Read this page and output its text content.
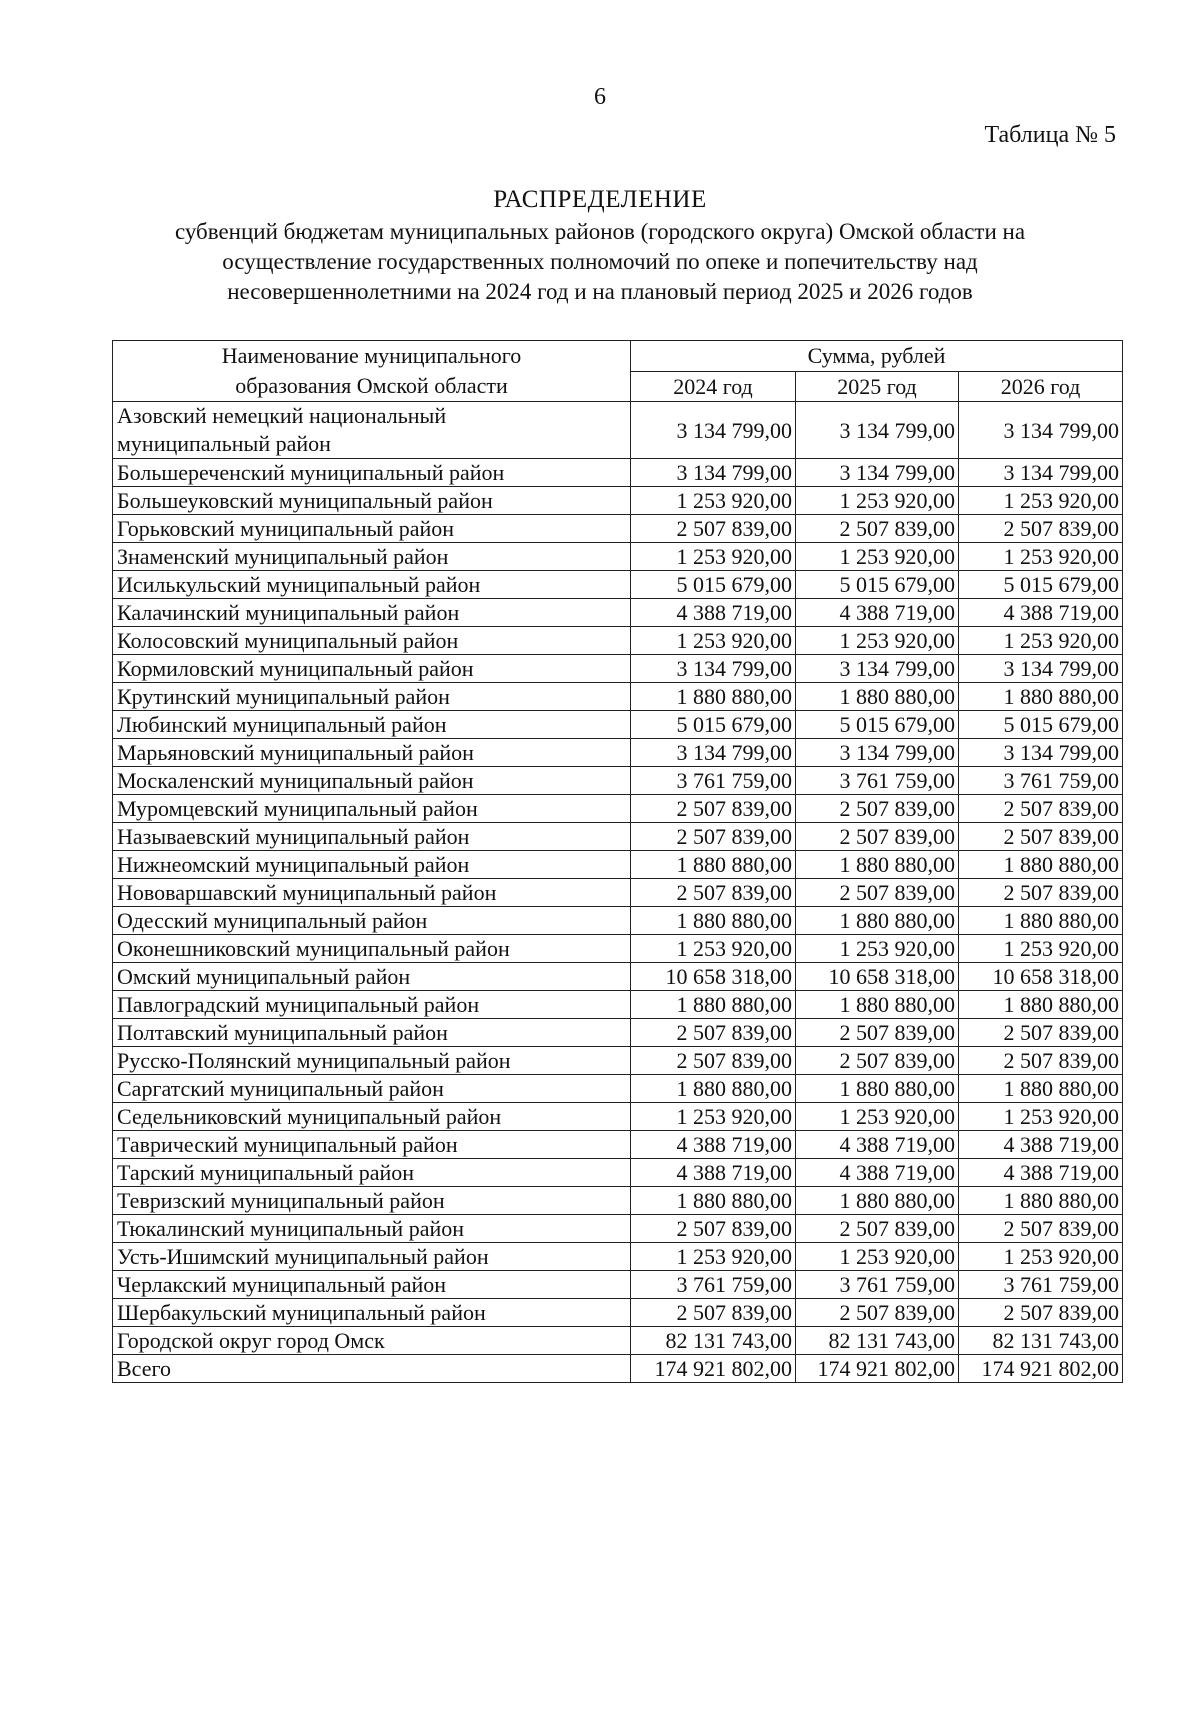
6
Таблица № 5
РАСПРЕДЕЛЕНИЕ
субвенций бюджетам муниципальных районов (городского округа) Омской области на
осуществление государственных полномочий по опеке и попечительству над
несовершеннолетними на 2024 год и на плановый период 2025 и 2026 годов
Наименование муниципального
образования Омской области	Сумма, рублей		
	2024 год	2025 год	2026 год

Азовский немецкий национальный
муниципальный район	3 134 799,00	3 134 799,00	3 134 799,00
Большереченский муниципальный район	3 134 799,00	3 134 799,00	3 134 799,00
Большеуковский муниципальный район	1 253 920,00	1 253 920,00	1 253 920,00
Горьковский муниципальный район	2 507 839,00	2 507 839,00	2 507 839,00
Знаменский муниципальный район	1 253 920,00	1 253 920,00	1 253 920,00
Исилькульский муниципальный район	5 015 679,00	5 015 679,00	5 015 679,00
Калачинский муниципальный район	4 388 719,00	4 388 719,00	4 388 719,00
Колосовский муниципальный район	1 253 920,00	1 253 920,00	1 253 920,00
Кормиловский муниципальный район	3 134 799,00	3 134 799,00	3 134 799,00
Крутинский муниципальный район	1 880 880,00	1 880 880,00	1 880 880,00
Любинский муниципальный район	5 015 679,00	5 015 679,00	5 015 679,00
Марьяновский муниципальный район	3 134 799,00	3 134 799,00	3 134 799,00
Москаленский муниципальный район	3 761 759,00	3 761 759,00	3 761 759,00
Муромцевский муниципальный район	2 507 839,00	2 507 839,00	2 507 839,00
Называевский муниципальный район	2 507 839,00	2 507 839,00	2 507 839,00
Нижнеомский муниципальный район	1 880 880,00	1 880 880,00	1 880 880,00
Нововаршавский муниципальный район	2 507 839,00	2 507 839,00	2 507 839,00
Одесский муниципальный район	1 880 880,00	1 880 880,00	1 880 880,00
Оконешниковский муниципальный район	1 253 920,00	1 253 920,00	1 253 920,00
Омский муниципальный район	10 658 318,00	10 658 318,00	10 658 318,00
Павлоградский муниципальный район	1 880 880,00	1 880 880,00	1 880 880,00
Полтавский муниципальный район	2 507 839,00	2 507 839,00	2 507 839,00
Русско-Полянский муниципальный район	2 507 839,00	2 507 839,00	2 507 839,00
Саргатский муниципальный район	1 880 880,00	1 880 880,00	1 880 880,00
Седельниковский муниципальный район	1 253 920,00	1 253 920,00	1 253 920,00
Таврический муниципальный район	4 388 719,00	4 388 719,00	4 388 719,00
Тарский муниципальный район	4 388 719,00	4 388 719,00	4 388 719,00
Тевризский муниципальный район	1 880 880,00	1 880 880,00	1 880 880,00
Тюкалинский муниципальный район	2 507 839,00	2 507 839,00	2 507 839,00
Усть-Ишимский муниципальный район	1 253 920,00	1 253 920,00	1 253 920,00
Черлакский муниципальный район	3 761 759,00	3 761 759,00	3 761 759,00
Шербакульский муниципальный район	2 507 839,00	2 507 839,00	2 507 839,00
Городской округ город Омск	82 131 743,00	82 131 743,00	82 131 743,00
Всего	174 921 802,00	174 921 802,00	174 921 802,00
